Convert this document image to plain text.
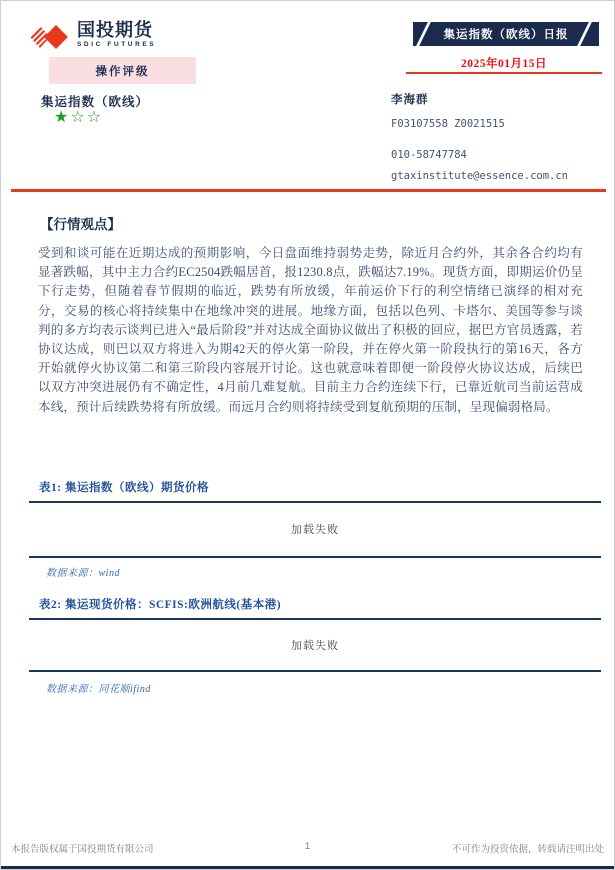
国投期货
SDIC FUTURES
集运指数（欧线）日报
2025年01月15日
操作评级
集运指数（欧线）
★☆☆
李海群
F03107558 Z0021515
010-58747784
gtaxinstitute@essence.com.cn
【行情观点】

受到和谈可能在近期达成的预期影响，今日盘面维持弱势走势，除近月合约外，其余各合约均有显著跌幅，其中主力合约EC2504跌幅居首，报1230.8点，跌幅达7.19%。现货方面，即期运价仍呈下行走势，但随着春节假期的临近，跌势有所放缓，年前运价下行的利空情绪已演绎的相对充分，交易的核心将持续集中在地缘冲突的进展。地缘方面，包括以色列、卡塔尔、美国等参与谈判的多方均表示谈判已进入“最后阶段”并对达成全面协议做出了积极的回应，据巴方官员透露，若协议达成，则巴以双方将进入为期42天的停火第一阶段，并在停火第一阶段执行的第16天，各方开始就停火协议第二和第三阶段内容展开讨论。这也就意味着即便一阶段停火协议达成，后续巴以双方冲突进展仍有不确定性，4月前几难复航。目前主力合约连续下行，已靠近航司当前运营成本线，预计后续跌势将有所放缓。而远月合约则将持续受到复航预期的压制，呈现偏弱格局。

表1: 集运指数（欧线）期货价格
加载失败
数据来源：wind
表2: 集运现货价格：SCFIS:欧洲航线(基本港)
加载失败
数据来源：同花顺ifind
本报告版权属于国投期货有限公司	1	不可作为投资依据，转载请注明出处
